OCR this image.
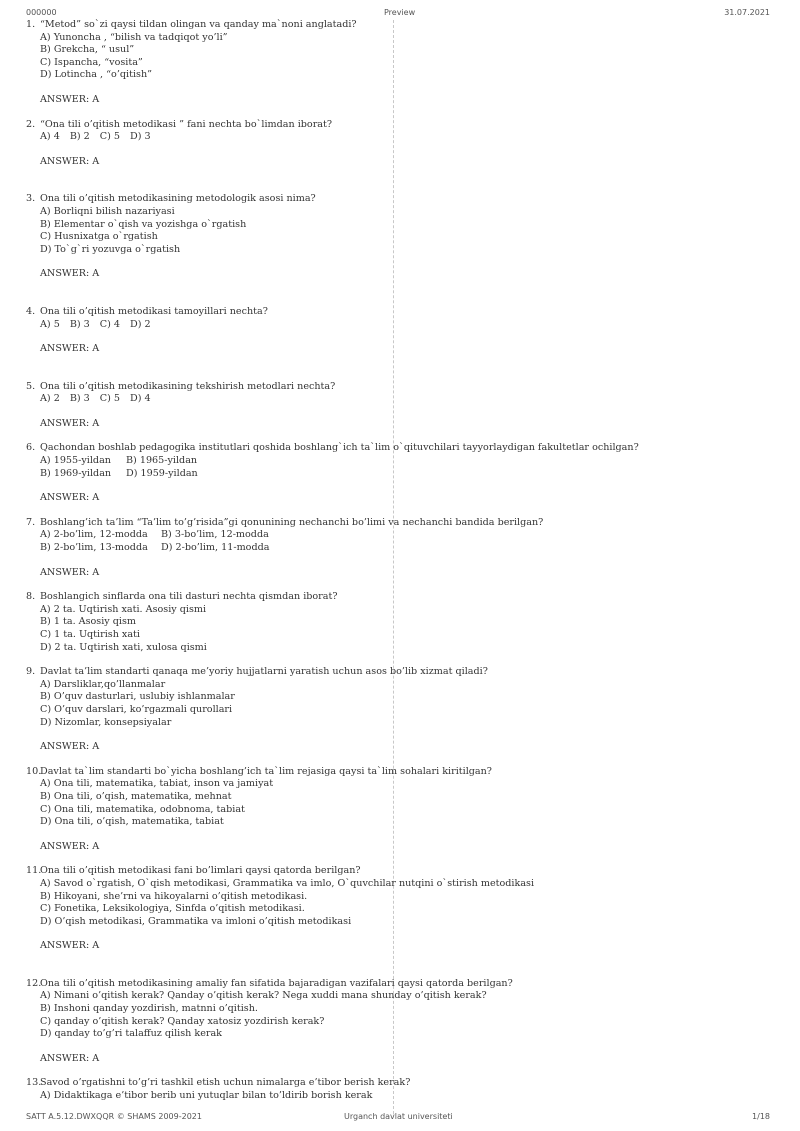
000000	Preview	31.07.2021
1. “Metod” so`zi qaysi tildan olingan va qanday ma`noni anglatadi?
A) Yunoncha , “bilish va tadqiqot yo’li”
B) Grekcha, “ usul”
C) Ispancha, “vosita”
D) Lotincha , “o’qitish”
ANSWER: A
2. “Ona tili o’qitish metodikasi ” fani nechta bo`limdan iborat?
A) 4 B) 2 C) 5 D) 3
ANSWER: A
3. Ona tili o’qitish metodikasining metodologik asosi nima?
A) Borliqni bilish nazariyasi
B) Elementar o`qish va yozishga o`rgatish
C) Husnixatga o`rgatish
D) To`g`ri yozuvga o`rgatish
ANSWER: A
4. Ona tili o’qitish metodikasi tamoyillari nechta?
A) 5 B) 3 C) 4 D) 2
ANSWER: A
5. Ona tili o’qitish metodikasining tekshirish metodlari nechta?
A) 2 B) 3 C) 5 D) 4
ANSWER: A
6. Qachondan boshlab pedagogika institutlari qoshida boshlang`ich ta`lim o`qituvchilari tayyorlaydigan fakultetlar ochilgan?
A) 1955-yildan	B) 1965-yildan
B) 1969-yildan	D) 1959-yildan
ANSWER: A
7. Boshlang’ich ta’lim “Ta’lim to’g’risida”gi qonunining nechanchi bo’limi va nechanchi bandida berilgan?
A) 2-bo’lim, 12-modda	B) 3-bo’lim, 12-modda
B) 2-bo’lim, 13-modda	D) 2-bo’lim, 11-modda
ANSWER: A
8. Boshlangich sinflarda ona tili dasturi nechta qismdan iborat?
A) 2 ta. Uqtirish xati. Asosiy qismi
B) 1 ta. Asosiy qism
C) 1 ta. Uqtirish xati
D) 2 ta. Uqtirish xati, xulosa qismi
9. Davlat ta’lim standarti qanaqa me’yoriy hujjatlarni yaratish uchun asos bo’lib xizmat qiladi?
A) Darsliklar,qo’llanmalar
B) O’quv dasturlari, uslubiy ishlanmalar
C) O’quv darslari, ko’rgazmali qurollari
D) Nizomlar, konsepsiyalar
ANSWER: A
10.
Davlat ta`lim standarti bo`yicha boshlang’ich ta`lim rejasiga qaysi ta`lim sohalari kiritilgan?
A) Ona tili, matematika, tabiat, inson va jamiyat
B) Ona tili, o’qish, matematika, mehnat
C) Ona tili, matematika, odobnoma, tabiat
D) Ona tili, o’qish, matematika, tabiat
ANSWER: A
11.
Ona tili o’qitish metodikasi fani bo’limlari qaysi qatorda berilgan?
A) Savod o`rgatish, O`qish metodikasi, Grammatika va imlo, O`quvchilar nutqini o`stirish metodikasi
B) Hikoyani, she’rni va hikoyalarni o’qitish metodikasi.
C) Fonetika, Leksikologiya, Sinfda o’qitish metodikasi.
D) O’qish metodikasi, Grammatika va imloni o’qitish metodikasi
ANSWER: A
12.
Ona tili o’qitish metodikasining amaliy fan sifatida bajaradigan vazifalari qaysi qatorda berilgan?
A) Nimani o’qitish kerak? Qanday o’qitish kerak? Nega xuddi mana shunday o’qitish kerak?
B) Inshoni qanday yozdirish, matnni o’qitish.
C) qanday o’qitish kerak? Qanday xatosiz yozdirish kerak?
D) qanday to’g’ri talaffuz qilish kerak
ANSWER: A
13.
Savod o’rgatishni to’g’ri tashkil etish uchun nimalarga e’tibor berish kerak?
A) Didaktikaga e’tibor berib uni yutuqlar bilan to’ldirib borish kerak
SATT A.5.12.DWXQQR © SHAMS 2009-2021	Urganch davlat universiteti	1/18
